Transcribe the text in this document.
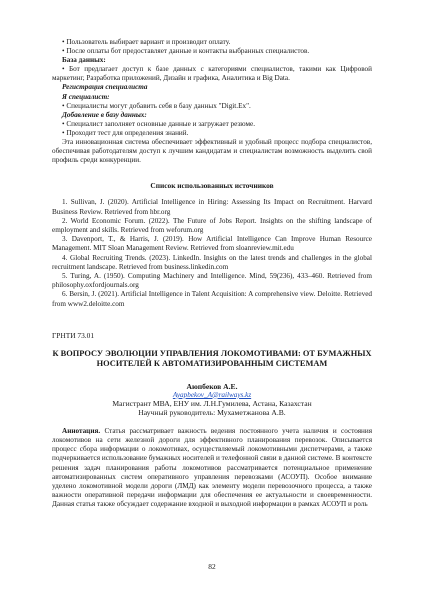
• Пользователь выбирает вариант и производит оплату.

• После оплаты бот предоставляет данные и контакты выбранных специалистов.

База данных:

• Бот предлагает доступ к базе данных с категориями специалистов, такими как Цифровой маркетинг, Разработка приложений, Дизайн и графика, Аналитика и Big Data.

Регистрация специалиста

Я специалист:

• Специалисты могут добавить себя в базу данных "Digit.Ex".

Добавление в базу данных:

• Специалист заполняет основные данные и загружает резюме.

• Проходит тест для определения знаний.

Эта инновационная система обеспечивает эффективный и удобный процесс подбора специалистов, обеспечивая работодателям доступ к лучшим кандидатам и специалистам возможность выделить свой профиль среди конкуренции.

Список использованных источников

1. Sullivan, J. (2020). Artificial Intelligence in Hiring: Assessing Its Impact on Recruitment. Harvard Business Review. Retrieved from hbr.org

2. World Economic Forum. (2022). The Future of Jobs Report. Insights on the shifting landscape of employment and skills. Retrieved from weforum.org

3. Davenport, T., & Harris, J. (2019). How Artificial Intelligence Can Improve Human Resource Management. MIT Sloan Management Review. Retrieved from sloanreview.mit.edu

4. Global Recruiting Trends. (2023). LinkedIn. Insights on the latest trends and challenges in the global recruitment landscape. Retrieved from business.linkedin.com

5. Turing, A. (1950). Computing Machinery and Intelligence. Mind, 59(236), 433–460. Retrieved from philosophy.oxfordjournals.org

6. Bersin, J. (2021). Artificial Intelligence in Talent Acquisition: A comprehensive view. Deloitte. Retrieved from www2.deloitte.com

ГРНТИ 73.01

К ВОПРОСУ ЭВОЛЮЦИИ УПРАВЛЕНИЯ ЛОКОМОТИВАМИ: ОТ БУМАЖНЫХ НОСИТЕЛЕЙ К АВТОМАТИЗИРОВАННЫМ СИСТЕМАМ

Аюпбеков А.Е.

Ayapbekov_A@railways.kz

Магистрант МВА, ЕНУ им. Л.Н.Гумилева, Астана, Казахстан

Научный руководитель: Мухаметжанова А.В.

Аннотация. Статья рассматривает важность ведения постоянного учета наличия и состояния локомотивов на сети железной дороги для эффективного планирования перевозок. Описывается процесс сбора информации о локомотивах, осуществляемый локомотивными диспетчерами, а также подчеркивается использование бумажных носителей и телефонной связи в данной системе. В контексте решения задач планирования работы локомотивов рассматривается потенциальное применение автоматизированных систем оперативного управления перевозками (АСОУП). Особое внимание уделено локомотивной модели дороги (ЛМД) как элементу модели перевозочного процесса, а также важности оперативной передачи информации для обеспечения ее актуальности и своевременности. Данная статья также обсуждает содержание входной и выходной информации в рамках АСОУП и роль

82
